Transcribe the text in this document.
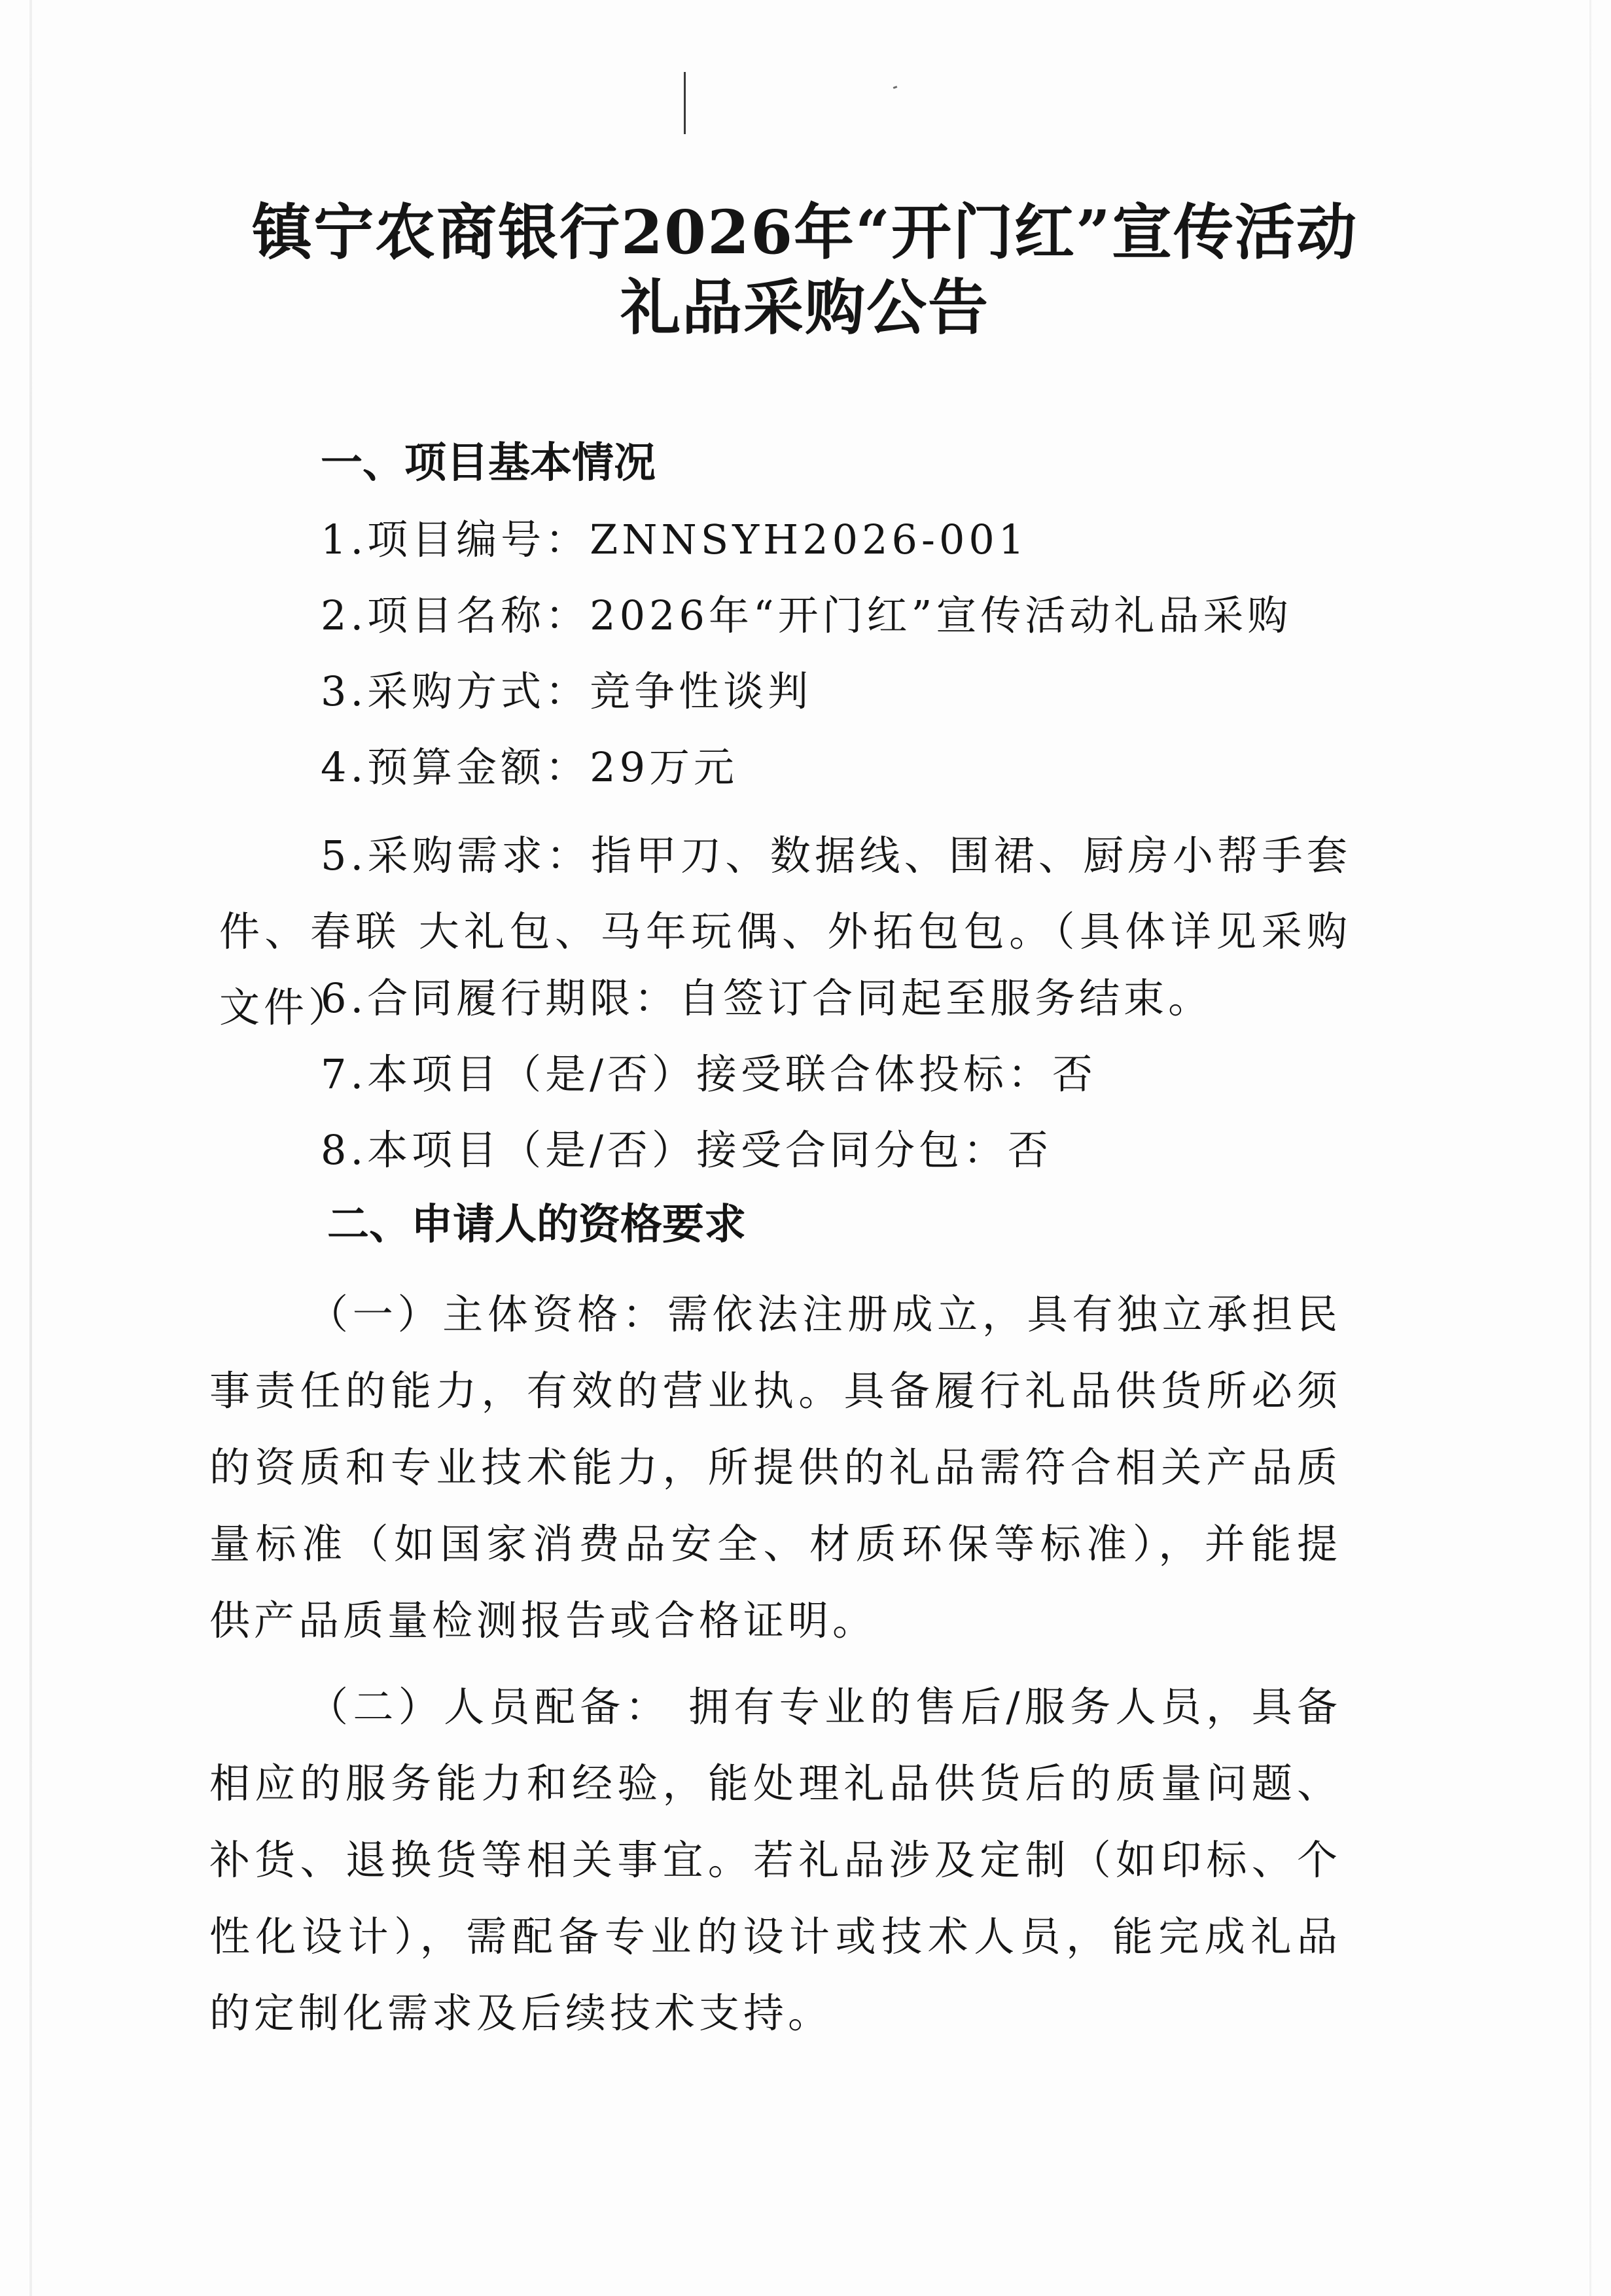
镇宁农商银行2026年“开门红”宣传活动
礼品采购公告
一、项目基本情况
1.项目编号：ZNNSYH2026-001
2.项目名称：2026年“开门红”宣传活动礼品采购
3.采购方式：竞争性谈判
4.预算金额：29万元
5.采购需求：指甲刀、数据线、围裙、厨房小帮手套件、春联 大礼包、马年玩偶、外拓包包。（具体详见采购文件）
6.合同履行期限：自签订合同起至服务结束。
7.本项目（是/否）接受联合体投标：否
8.本项目（是/否）接受合同分包：否
二、申请人的资格要求
（一）主体资格：需依法注册成立，具有独立承担民事责任的能力，有效的营业执。具备履行礼品供货所必须的资质和专业技术能力，所提供的礼品需符合相关产品质量标准（如国家消费品安全、材质环保等标准），并能提供产品质量检测报告或合格证明。
（二）人员配备： 拥有专业的售后/服务人员，具备相应的服务能力和经验，能处理礼品供货后的质量问题、补货、退换货等相关事宜。若礼品涉及定制（如印标、个性化设计），需配备专业的设计或技术人员，能完成礼品的定制化需求及后续技术支持。
